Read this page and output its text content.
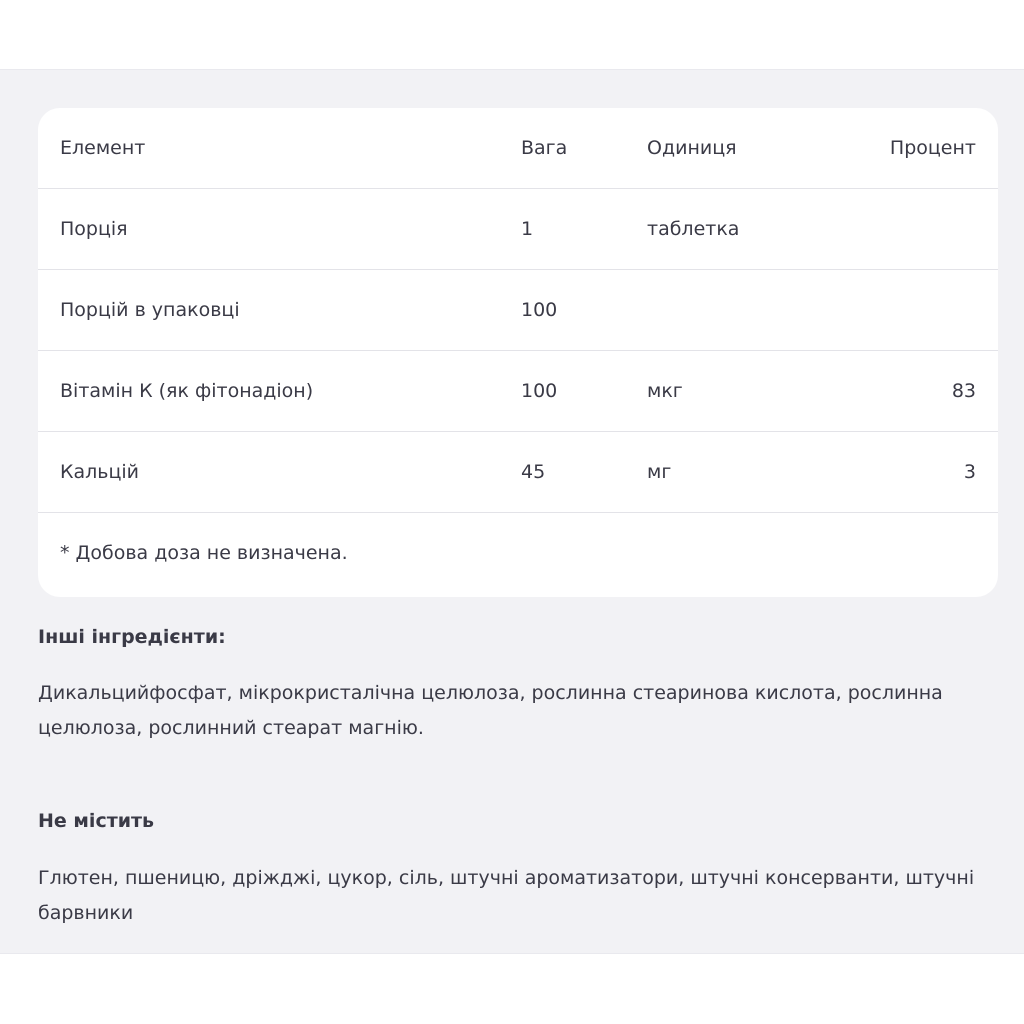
Елемент	Вага	Одиниця	Процент
Порція	1	таблетка
Порцій в упаковці	100
Вітамін К (як фітонадіон)	100	мкг	83
Кальцій	45	мг	3
* Добова доза не визначена.
Інші інгредієнти:
Дикальцийфосфат, мікрокристалічна целюлоза, рослинна стеаринова кислота, рослинна целюлоза, рослинний стеарат магнію.
Не містить
Глютен, пшеницю, дріжджі, цукор, сіль, штучні ароматизатори, штучні консерванти, штучні барвники
